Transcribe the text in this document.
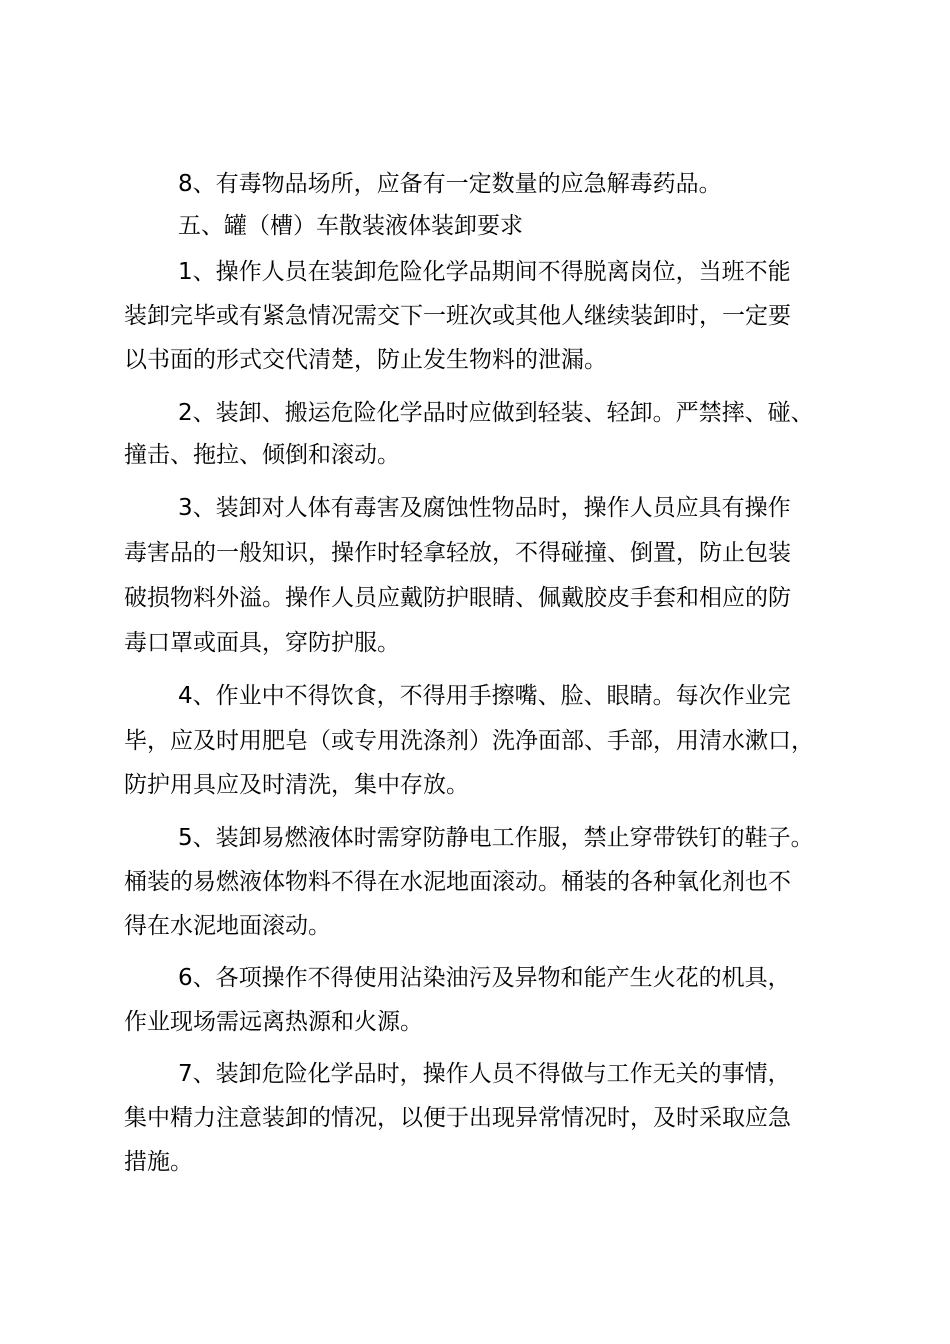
8、有毒物品场所，应备有一定数量的应急解毒药品。
五、罐（槽）车散装液体装卸要求
1、操作人员在装卸危险化学品期间不得脱离岗位，当班不能
装卸完毕或有紧急情况需交下一班次或其他人继续装卸时，一定要
以书面的形式交代清楚，防止发生物料的泄漏。
2、装卸、搬运危险化学品时应做到轻装、轻卸。严禁摔、碰、
撞击、拖拉、倾倒和滚动。
3、装卸对人体有毒害及腐蚀性物品时，操作人员应具有操作
毒害品的一般知识，操作时轻拿轻放，不得碰撞、倒置，防止包装
破损物料外溢。操作人员应戴防护眼睛、佩戴胶皮手套和相应的防
毒口罩或面具，穿防护服。
4、作业中不得饮食，不得用手擦嘴、脸、眼睛。每次作业完
毕，应及时用肥皂（或专用洗涤剂）洗净面部、手部，用清水漱口，
防护用具应及时清洗，集中存放。
5、装卸易燃液体时需穿防静电工作服，禁止穿带铁钉的鞋子。
桶装的易燃液体物料不得在水泥地面滚动。桶装的各种氧化剂也不
得在水泥地面滚动。
6、各项操作不得使用沾染油污及异物和能产生火花的机具，
作业现场需远离热源和火源。
7、装卸危险化学品时，操作人员不得做与工作无关的事情，
集中精力注意装卸的情况，以便于出现异常情况时，及时采取应急
措施。
